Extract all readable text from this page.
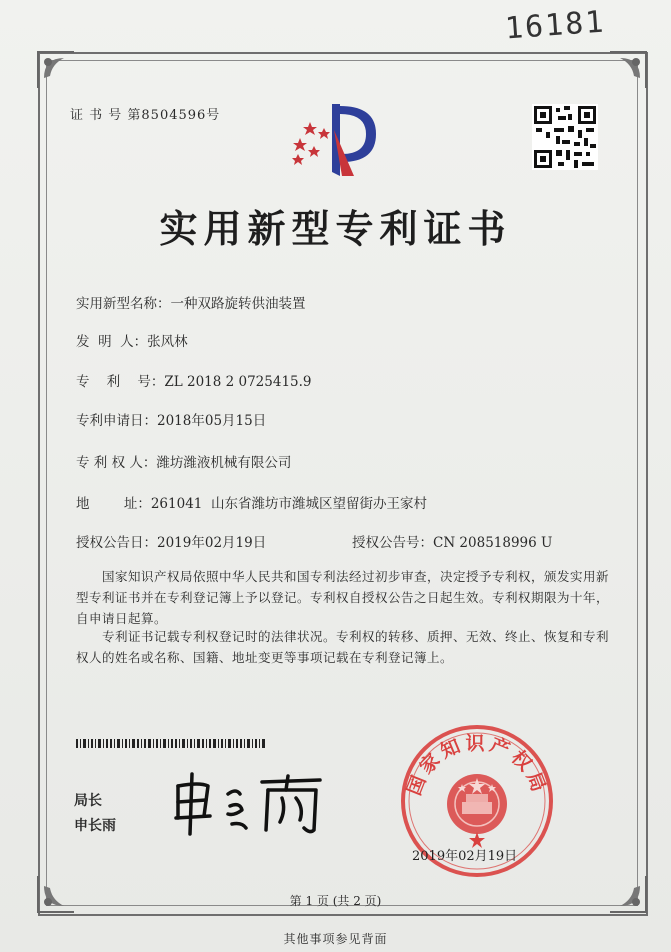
16181
证 书 号 第8504596号
实用新型专利证书
实用新型名称：一种双路旋转供油装置
发  明  人：张风林
专    利    号：ZL 2018 2 0725415.9
专利申请日：2018年05月15日
专 利 权 人：潍坊潍液机械有限公司
地        址：261041  山东省潍坊市潍城区望留街办王家村
授权公告日：2019年02月19日	授权公告号：CN 208518996 U
国家知识产权局依照中华人民共和国专利法经过初步审查，决定授予专利权，颁发实用新型专利证书并在专利登记簿上予以登记。专利权自授权公告之日起生效。专利权期限为十年，自申请日起算。
专利证书记载专利权登记时的法律状况。专利权的转移、质押、无效、终止、恢复和专利权人的姓名或名称、国籍、地址变更等事项记载在专利登记簿上。
局长
申长雨
国家知识产权局
2019年02月19日
第 1 页 (共 2 页)
其他事项参见背面
